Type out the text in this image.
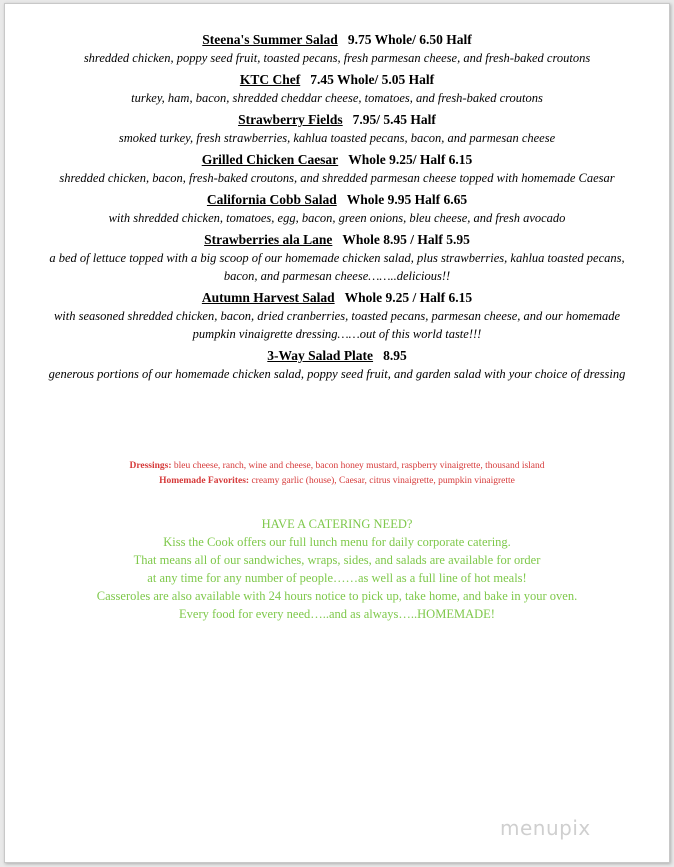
Steena's Summer Salad 9.75 Whole/ 6.50 Half
shredded chicken, poppy seed fruit, toasted pecans, fresh parmesan cheese, and fresh-baked croutons
KTC Chef 7.45 Whole/ 5.05 Half
turkey, ham, bacon, shredded cheddar cheese, tomatoes, and fresh-baked croutons
Strawberry Fields 7.95/ 5.45 Half
smoked turkey, fresh strawberries, kahlua toasted pecans, bacon, and parmesan cheese
Grilled Chicken Caesar Whole 9.25/ Half 6.15
shredded chicken, bacon, fresh-baked croutons, and shredded parmesan cheese topped with homemade Caesar
California Cobb Salad Whole 9.95 Half 6.65
with shredded chicken, tomatoes, egg, bacon, green onions, bleu cheese, and fresh avocado
Strawberries ala Lane Whole 8.95 / Half 5.95
a bed of lettuce topped with a big scoop of our homemade chicken salad, plus strawberries, kahlua toasted pecans, bacon, and parmesan cheese……..delicious!!
Autumn Harvest Salad Whole 9.25 / Half 6.15
with seasoned shredded chicken, bacon, dried cranberries, toasted pecans, parmesan cheese, and our homemade pumpkin vinaigrette dressing……out of this world taste!!!
3-Way Salad Plate 8.95
generous portions of our homemade chicken salad, poppy seed fruit, and garden salad with your choice of dressing
Dressings: bleu cheese, ranch, wine and cheese, bacon honey mustard, raspberry vinaigrette, thousand island
Homemade Favorites: creamy garlic (house), Caesar, citrus vinaigrette, pumpkin vinaigrette
HAVE A CATERING NEED?
Kiss the Cook offers our full lunch menu for daily corporate catering.
That means all of our sandwiches, wraps, sides, and salads are available for order
at any time for any number of people……as well as a full line of hot meals!
Casseroles are also available with 24 hours notice to pick up, take home, and bake in your oven.
Every food for every need…..and as always…..HOMEMADE!
menupix
